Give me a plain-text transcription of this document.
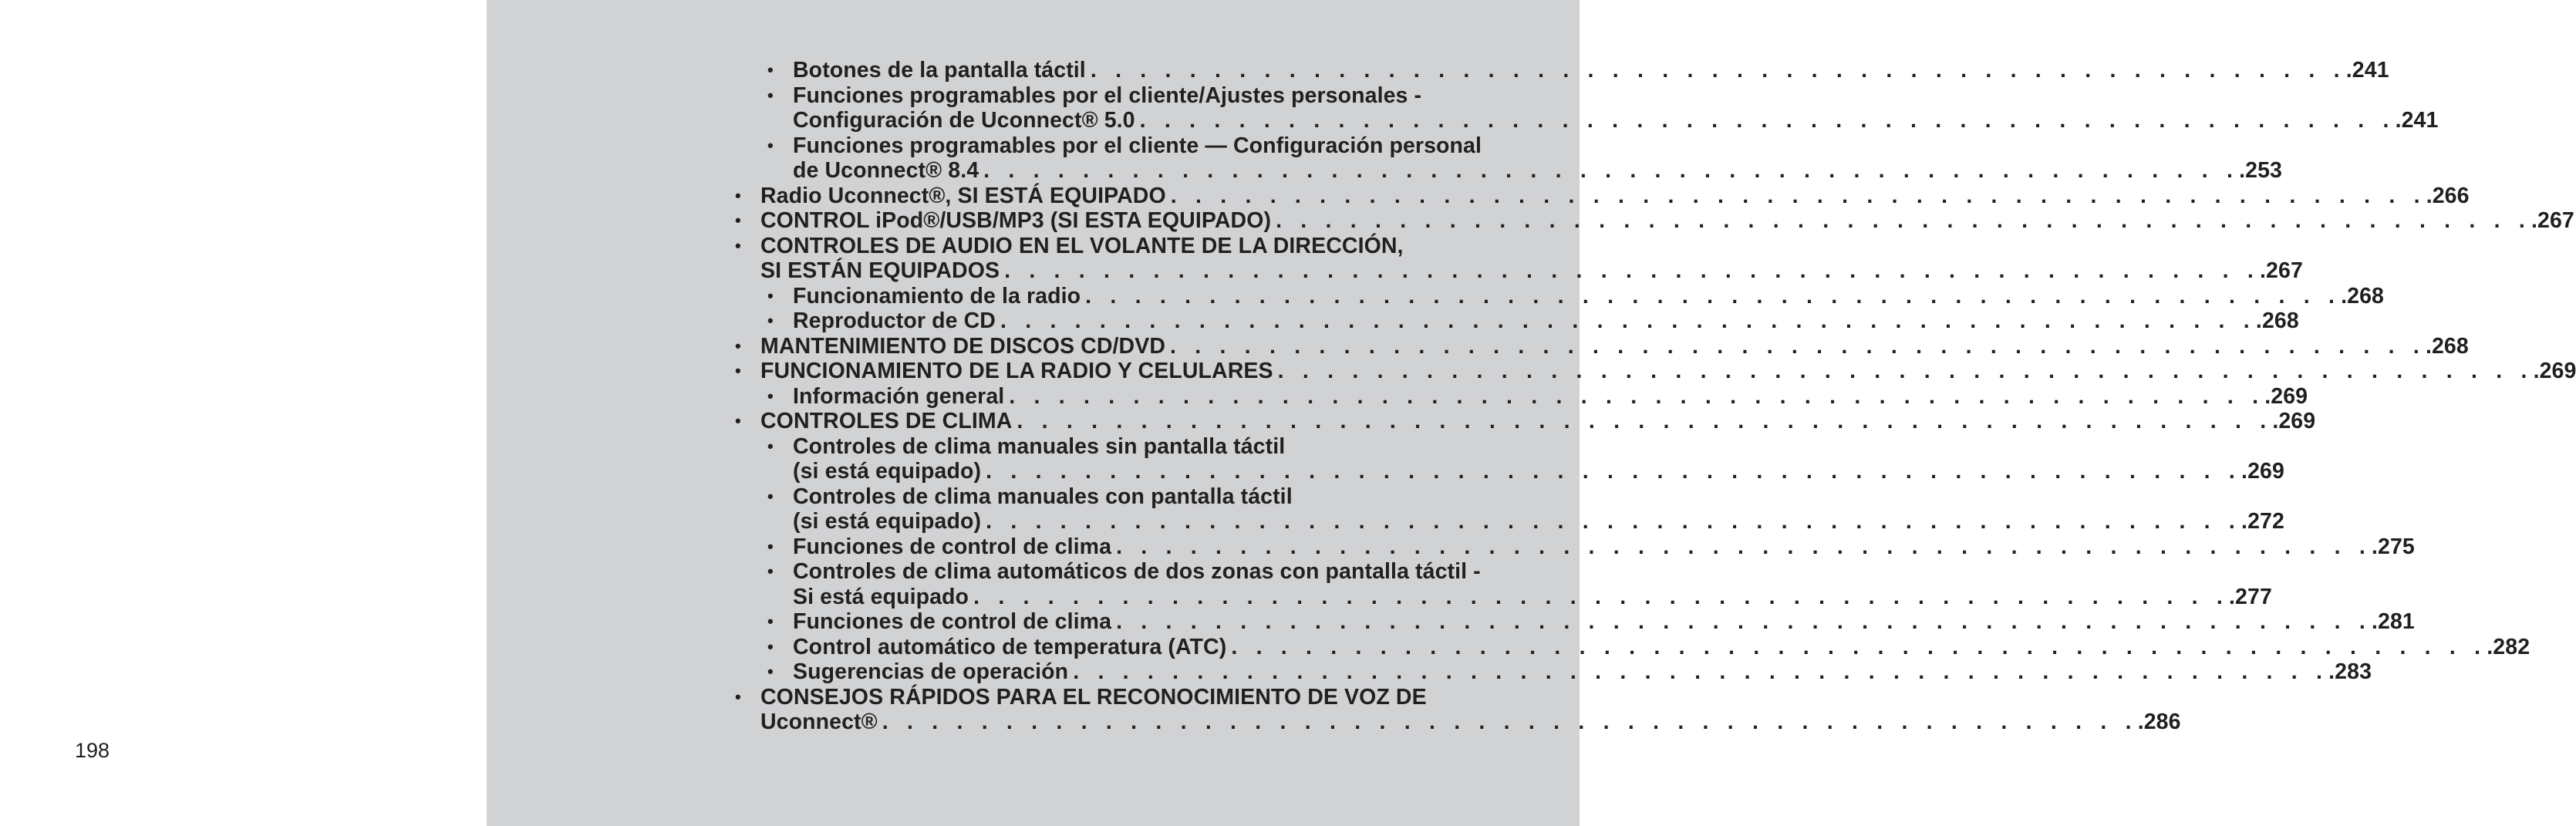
198
• Botones de la pantalla táctil . . . . . . . . . . . . . . . . . . . . . . . . . . . . . . . . . . . . . . . . . . . . . . . . . . . .241
• Funciones programables por el cliente/Ajustes personales -
Configuración de Uconnect® 5.0 . . . . . . . . . . . . . . . . . . . . . . . . . . . . . . . . . . . . . . . . . . . . . . . . . . . .241
• Funciones programables por el cliente — Configuración personal
de Uconnect® 8.4 . . . . . . . . . . . . . . . . . . . . . . . . . . . . . . . . . . . . . . . . . . . . . . . . . . . .253
• Radio Uconnect®, SI ESTÁ EQUIPADO . . . . . . . . . . . . . . . . . . . . . . . . . . . . . . . . . . . . . . . . . . . . . . . . . . . .266
• CONTROL iPod®/USB/MP3 (SI ESTA EQUIPADO) . . . . . . . . . . . . . . . . . . . . . . . . . . . . . . . . . . . . . . . . . . . . . . . . . . . .267
• CONTROLES DE AUDIO EN EL VOLANTE DE LA DIRECCIÓN,
SI ESTÁN EQUIPADOS . . . . . . . . . . . . . . . . . . . . . . . . . . . . . . . . . . . . . . . . . . . . . . . . . . . .267
• Funcionamiento de la radio . . . . . . . . . . . . . . . . . . . . . . . . . . . . . . . . . . . . . . . . . . . . . . . . . . . .268
• Reproductor de CD . . . . . . . . . . . . . . . . . . . . . . . . . . . . . . . . . . . . . . . . . . . . . . . . . . . .268
• MANTENIMIENTO DE DISCOS CD/DVD . . . . . . . . . . . . . . . . . . . . . . . . . . . . . . . . . . . . . . . . . . . . . . . . . . . .268
• FUNCIONAMIENTO DE LA RADIO Y CELULARES . . . . . . . . . . . . . . . . . . . . . . . . . . . . . . . . . . . . . . . . . . . . . . . . . . . .269
• Información general . . . . . . . . . . . . . . . . . . . . . . . . . . . . . . . . . . . . . . . . . . . . . . . . . . . .269
• CONTROLES DE CLIMA . . . . . . . . . . . . . . . . . . . . . . . . . . . . . . . . . . . . . . . . . . . . . . . . . . . .269
• Controles de clima manuales sin pantalla táctil
(si está equipado) . . . . . . . . . . . . . . . . . . . . . . . . . . . . . . . . . . . . . . . . . . . . . . . . . . . .269
• Controles de clima manuales con pantalla táctil
(si está equipado) . . . . . . . . . . . . . . . . . . . . . . . . . . . . . . . . . . . . . . . . . . . . . . . . . . . .272
• Funciones de control de clima . . . . . . . . . . . . . . . . . . . . . . . . . . . . . . . . . . . . . . . . . . . . . . . . . . . .275
• Controles de clima automáticos de dos zonas con pantalla táctil -
Si está equipado . . . . . . . . . . . . . . . . . . . . . . . . . . . . . . . . . . . . . . . . . . . . . . . . . . . .277
• Funciones de control de clima . . . . . . . . . . . . . . . . . . . . . . . . . . . . . . . . . . . . . . . . . . . . . . . . . . . .281
• Control automático de temperatura (ATC) . . . . . . . . . . . . . . . . . . . . . . . . . . . . . . . . . . . . . . . . . . . . . . . . . . . .282
• Sugerencias de operación . . . . . . . . . . . . . . . . . . . . . . . . . . . . . . . . . . . . . . . . . . . . . . . . . . . .283
• CONSEJOS RÁPIDOS PARA EL RECONOCIMIENTO DE VOZ DE
Uconnect® . . . . . . . . . . . . . . . . . . . . . . . . . . . . . . . . . . . . . . . . . . . . . . . . . . . .286
